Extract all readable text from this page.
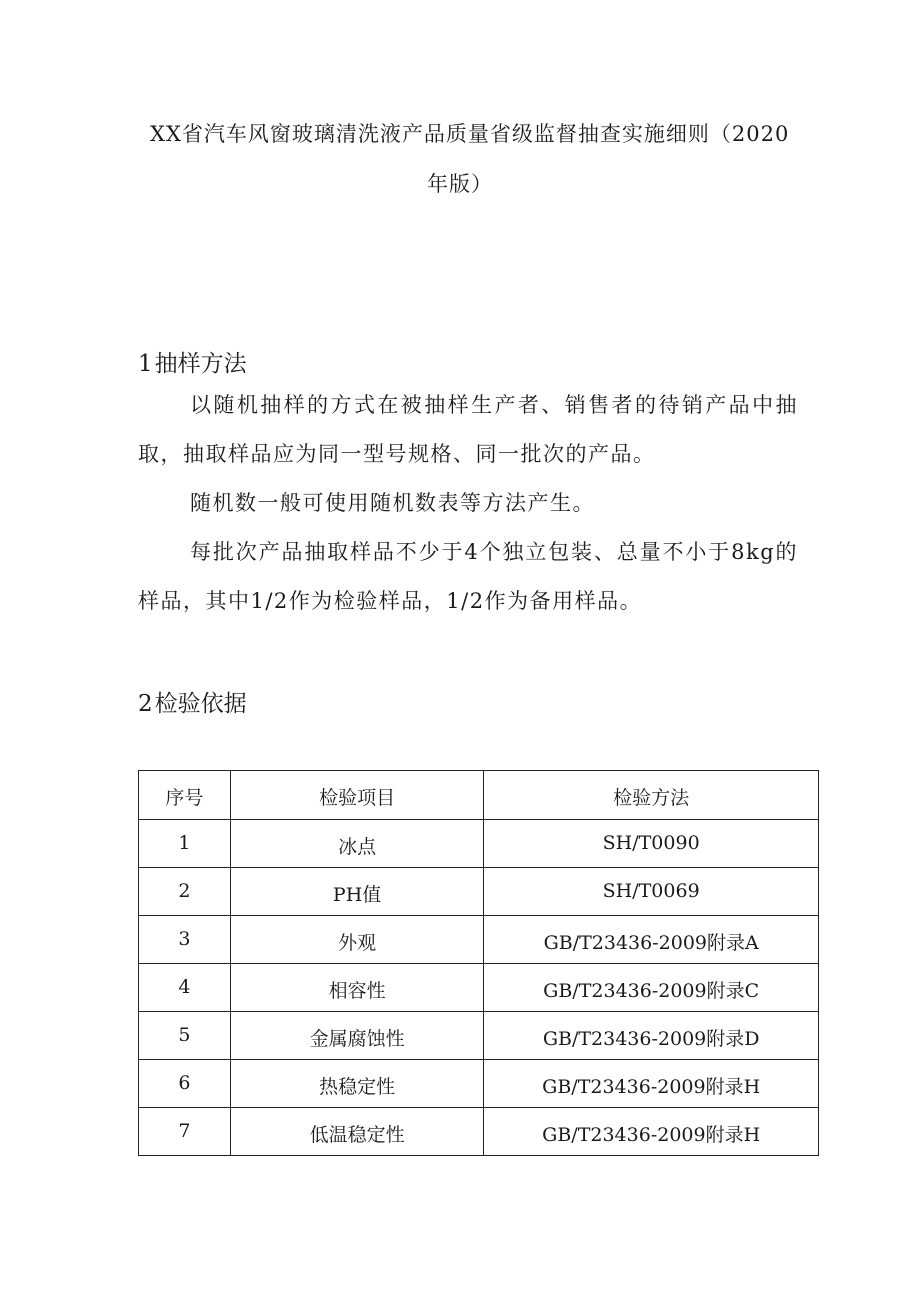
XX省汽车风窗玻璃清洗液产品质量省级监督抽查实施细则（2020
年版）
1抽样方法
以随机抽样的方式在被抽样生产者、销售者的待销产品中抽取，抽取样品应为同一型号规格、同一批次的产品。
随机数一般可使用随机数表等方法产生。
每批次产品抽取样品不少于4个独立包装、总量不小于8kg的样品，其中1/2作为检验样品，1/2作为备用样品。
2检验依据
序号	检验项目	检验方法
1	冰点	SH/T0090
2	PH值	SH/T0069
3	外观	GB/T23436-2009附录A
4	相容性	GB/T23436-2009附录C
5	金属腐蚀性	GB/T23436-2009附录D
6	热稳定性	GB/T23436-2009附录H
7	低温稳定性	GB/T23436-2009附录H
